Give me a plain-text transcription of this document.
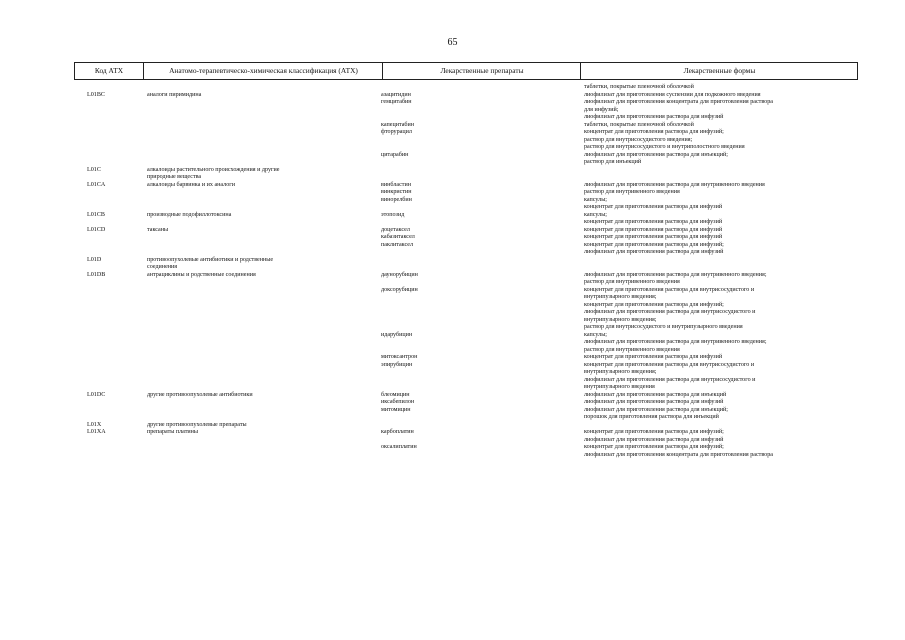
65
Код АТХ	Анатомо-терапевтическо-химическая классификация (АТХ)	Лекарственные препараты	Лекарственные формы
таблетки, покрытые пленочной оболочкой
L01BC	аналоги пиримидина	азацитидин	лиофилизат для приготовления суспензии для подкожного введения
гемцитабин	лиофилизат для приготовления концентрата для приготовления раствора
для инфузий;
лиофилизат для приготовления раствора для инфузий
капецитабин	таблетки, покрытые пленочной оболочкой
фторурацил	концентрат для приготовления раствора для инфузий;
раствор для внутрисосудистого введения;
раствор для внутрисосудистого и внутриполостного введения
цитарабин	лиофилизат для приготовления раствора для инъекций;
раствор для инъекций
L01C	алкалоиды растительного происхождения и другие
природные вещества
L01CA	алкалоиды барвинка и их аналоги	винбластин	лиофилизат для приготовления раствора для внутривенного введения
винкристин	раствор для внутривенного введения
винорелбин	капсулы;
концентрат для приготовления раствора для инфузий
L01CB	производные подофиллотоксина	этопозид	капсулы;
концентрат для приготовления раствора для инфузий
L01CD	таксаны	доцетаксел	концентрат для приготовления раствора для инфузий
кабазитаксел	концентрат для приготовления раствора для инфузий
паклитаксел	концентрат для приготовления раствора для инфузий;
лиофилизат для приготовления раствора для инфузий
L01D	противоопухолевые антибиотики и родственные
соединения
L01DB	антрациклины и родственные соединения	даунорубицин	лиофилизат для приготовления раствора для внутривенного введения;
раствор для внутривенного введения
доксорубицин	концентрат для приготовления раствора для внутрисосудистого и
внутрипузырного введения;
концентрат для приготовления раствора для инфузий;
лиофилизат для приготовления раствора для внутрисосудистого и
внутрипузырного введения;
раствор для внутрисосудистого и внутрипузырного введения
идарубицин	капсулы;
лиофилизат для приготовления раствора для внутривенного введения;
раствор для внутривенного введения
митоксантрон	концентрат для приготовления раствора для инфузий
эпирубицин	концентрат для приготовления раствора для внутрисосудистого и
внутрипузырного введения;
лиофилизат для приготовления раствора для внутрисосудистого и
внутрипузырного введения
L01DC	другие противоопухолевые антибиотики	блеомицин	лиофилизат для приготовления раствора для инъекций
иксабепилон	лиофилизат для приготовления раствора для инфузий
митомицин	лиофилизат для приготовления раствора для инъекций;
порошок для приготовления раствора для инъекций
L01X	другие противоопухолевые препараты
L01XA	препараты платины	карбоплатин	концентрат для приготовления раствора для инфузий;
лиофилизат для приготовления раствора для инфузий
оксалиплатин	концентрат для приготовления раствора для инфузий;
лиофилизат для приготовления концентрата для приготовления раствора
